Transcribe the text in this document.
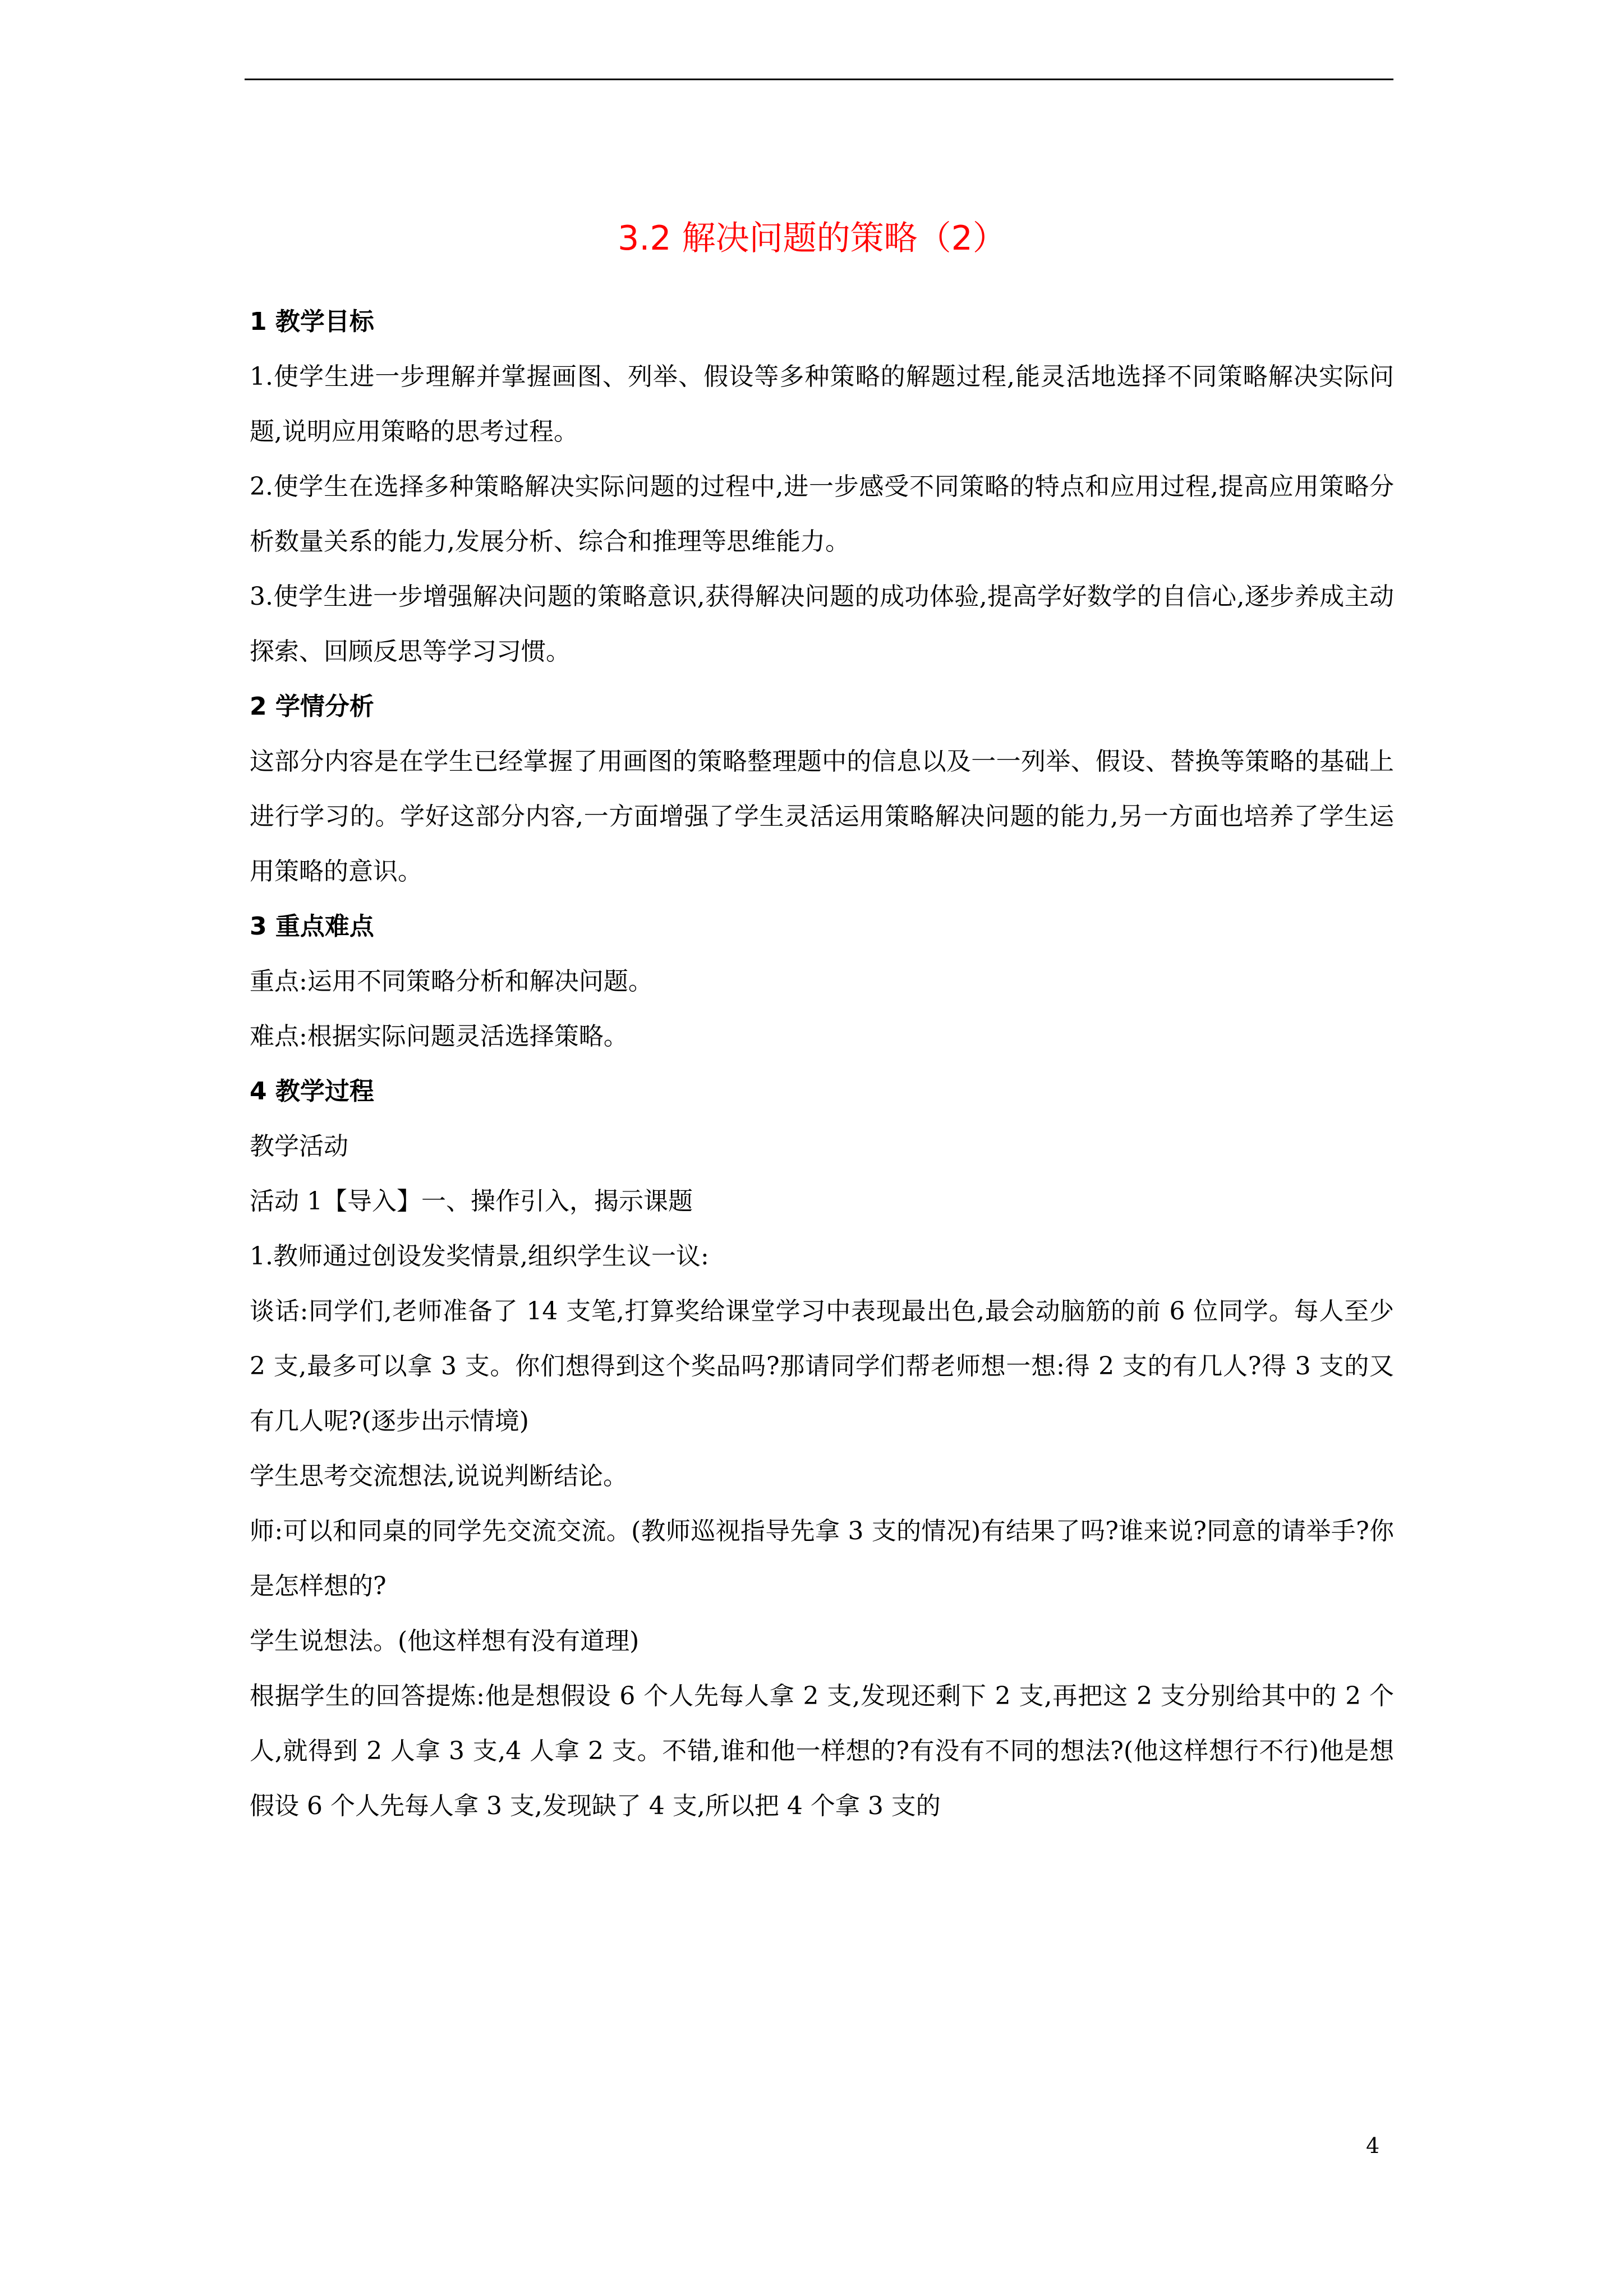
3.2 解决问题的策略（2）
1 教学目标

1.使学生进一步理解并掌握画图、列举、假设等多种策略的解题过程,能灵活地选择不同策略解决实际问题,说明应用策略的思考过程。

2.使学生在选择多种策略解决实际问题的过程中,进一步感受不同策略的特点和应用过程,提高应用策略分析数量关系的能力,发展分析、综合和推理等思维能力。

3.使学生进一步增强解决问题的策略意识,获得解决问题的成功体验,提高学好数学的自信心,逐步养成主动探索、回顾反思等学习习惯。

2 学情分析

这部分内容是在学生已经掌握了用画图的策略整理题中的信息以及一一列举、假设、替换等策略的基础上进行学习的。学好这部分内容,一方面增强了学生灵活运用策略解决问题的能力,另一方面也培养了学生运用策略的意识。

3 重点难点

重点:运用不同策略分析和解决问题。

难点:根据实际问题灵活选择策略。

4 教学过程

教学活动

活动 1【导入】一、操作引入，揭示课题

1.教师通过创设发奖情景,组织学生议一议:

谈话:同学们,老师准备了 14 支笔,打算奖给课堂学习中表现最出色,最会动脑筋的前 6 位同学。每人至少 2 支,最多可以拿 3 支。你们想得到这个奖品吗?那请同学们帮老师想一想:得 2 支的有几人?得 3 支的又有几人呢?(逐步出示情境)

学生思考交流想法,说说判断结论。

师:可以和同桌的同学先交流交流。(教师巡视指导先拿 3 支的情况)有结果了吗?谁来说?同意的请举手?你是怎样想的?

学生说想法。(他这样想有没有道理)

根据学生的回答提炼:他是想假设 6 个人先每人拿 2 支,发现还剩下 2 支,再把这 2 支分别给其中的 2 个人,就得到 2 人拿 3 支,4 人拿 2 支。不错,谁和他一样想的?有没有不同的想法?(他这样想行不行)他是想假设 6 个人先每人拿 3 支,发现缺了 4 支,所以把 4 个拿 3 支的

4
